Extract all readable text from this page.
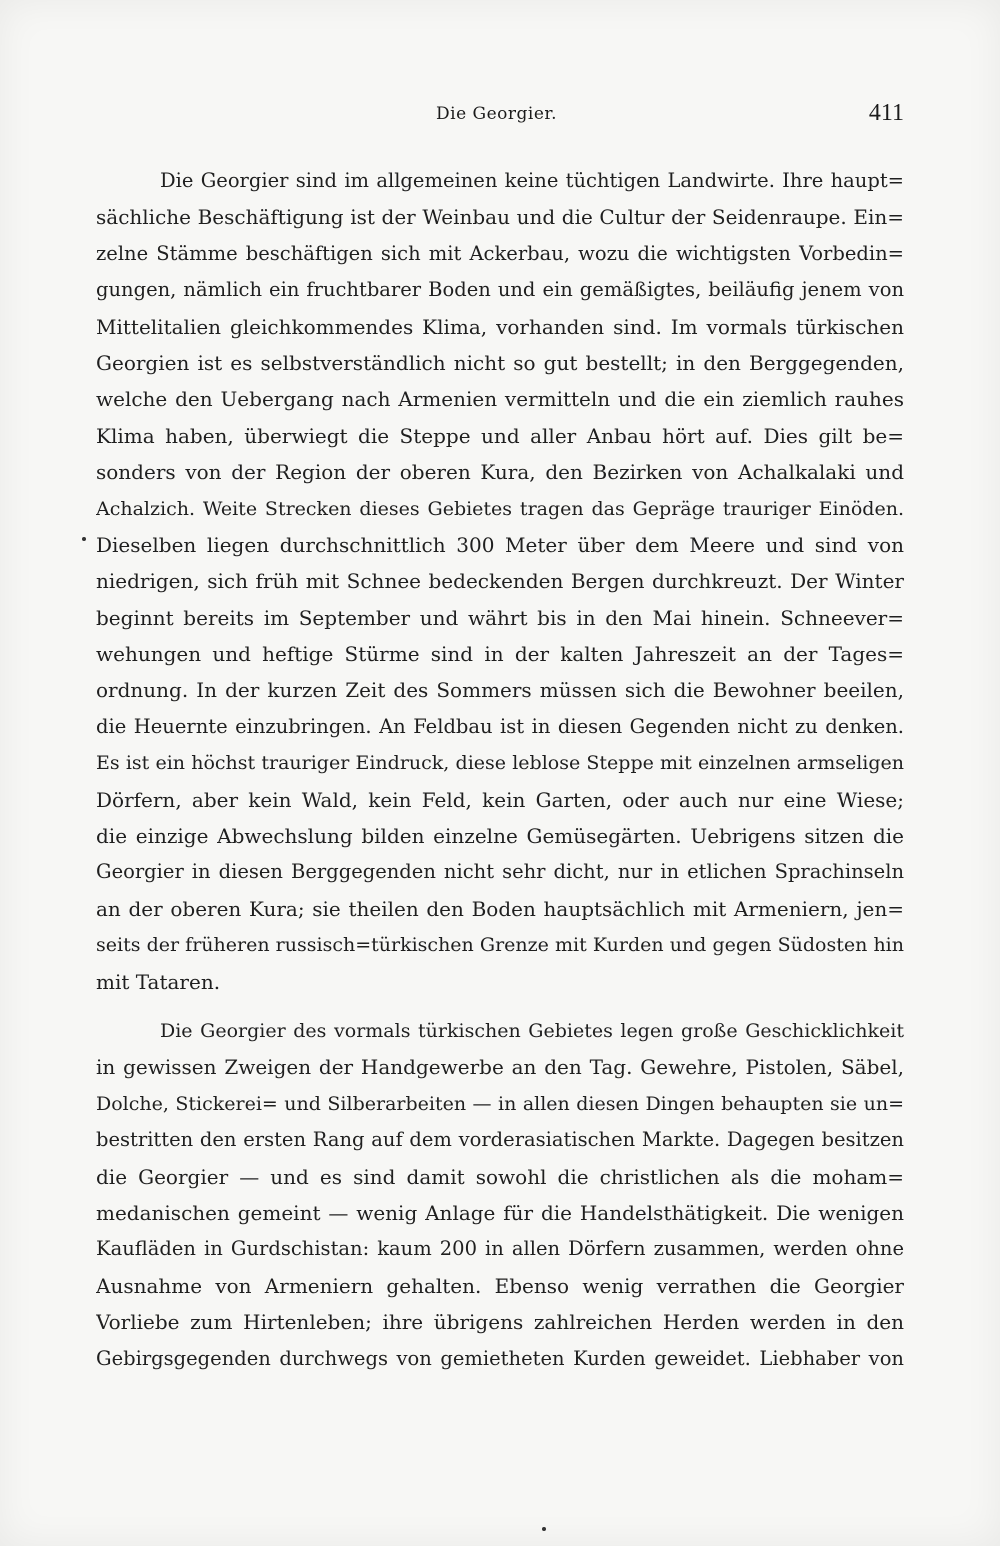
Die Georgier.	411
Die Georgier sind im allgemeinen keine tüchtigen Landwirte. Ihre haupt=
sächliche Beschäftigung ist der Weinbau und die Cultur der Seidenraupe. Ein=
zelne Stämme beschäftigen sich mit Ackerbau, wozu die wichtigsten Vorbedin=
gungen, nämlich ein fruchtbarer Boden und ein gemäßigtes, beiläufig jenem von
Mittelitalien gleichkommendes Klima, vorhanden sind. Im vormals türkischen
Georgien ist es selbstverständlich nicht so gut bestellt; in den Berggegenden,
welche den Uebergang nach Armenien vermitteln und die ein ziemlich rauhes
Klima haben, überwiegt die Steppe und aller Anbau hört auf. Dies gilt be=
sonders von der Region der oberen Kura, den Bezirken von Achalkalaki und
Achalzich. Weite Strecken dieses Gebietes tragen das Gepräge trauriger Einöden.
Dieselben liegen durchschnittlich 300 Meter über dem Meere und sind von
niedrigen, sich früh mit Schnee bedeckenden Bergen durchkreuzt. Der Winter
beginnt bereits im September und währt bis in den Mai hinein. Schneever=
wehungen und heftige Stürme sind in der kalten Jahreszeit an der Tages=
ordnung. In der kurzen Zeit des Sommers müssen sich die Bewohner beeilen,
die Heuernte einzubringen. An Feldbau ist in diesen Gegenden nicht zu denken.
Es ist ein höchst trauriger Eindruck, diese leblose Steppe mit einzelnen armseligen
Dörfern, aber kein Wald, kein Feld, kein Garten, oder auch nur eine Wiese;
die einzige Abwechslung bilden einzelne Gemüsegärten. Uebrigens sitzen die
Georgier in diesen Berggegenden nicht sehr dicht, nur in etlichen Sprachinseln
an der oberen Kura; sie theilen den Boden hauptsächlich mit Armeniern, jen=
seits der früheren russisch=türkischen Grenze mit Kurden und gegen Südosten hin
mit Tataren.
Die Georgier des vormals türkischen Gebietes legen große Geschicklichkeit
in gewissen Zweigen der Handgewerbe an den Tag. Gewehre, Pistolen, Säbel,
Dolche, Stickerei= und Silberarbeiten — in allen diesen Dingen behaupten sie un=
bestritten den ersten Rang auf dem vorderasiatischen Markte. Dagegen besitzen
die Georgier — und es sind damit sowohl die christlichen als die moham=
medanischen gemeint — wenig Anlage für die Handelsthätigkeit. Die wenigen
Kaufläden in Gurdschistan: kaum 200 in allen Dörfern zusammen, werden ohne
Ausnahme von Armeniern gehalten. Ebenso wenig verrathen die Georgier
Vorliebe zum Hirtenleben; ihre übrigens zahlreichen Herden werden in den
Gebirgsgegenden durchwegs von gemietheten Kurden geweidet. Liebhaber von
